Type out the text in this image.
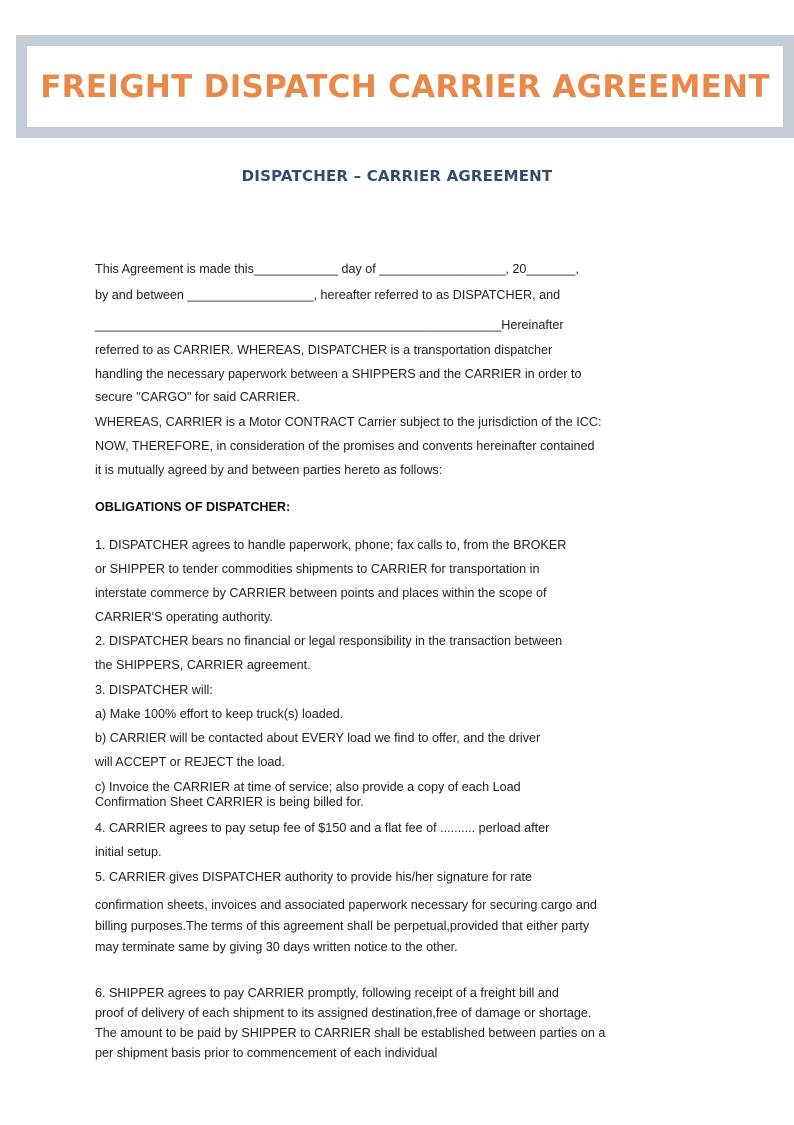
FREIGHT DISPATCH CARRIER AGREEMENT
DISPATCHER – CARRIER AGREEMENT
This Agreement is made this____________ day of __________________, 20_______,
by and between __________________, hereafter referred to as DISPATCHER, and
__________________________________________________________Hereinafter
referred to as CARRIER. WHEREAS, DISPATCHER is a transportation dispatcher
handling the necessary paperwork between a SHIPPERS and the CARRIER in order to
secure "CARGO" for said CARRIER.
WHEREAS, CARRIER is a Motor CONTRACT Carrier subject to the jurisdiction of the ICC:
NOW, THEREFORE, in consideration of the promises and convents hereinafter contained
it is mutually agreed by and between parties hereto as follows:
OBLIGATIONS OF DISPATCHER:
1. DISPATCHER agrees to handle paperwork, phone; fax calls to, from the BROKER
or SHIPPER to tender commodities shipments to CARRIER for transportation in
interstate commerce by CARRIER between points and places within the scope of
CARRIER'S operating authority.
2. DISPATCHER bears no financial or legal responsibility in the transaction between
the SHIPPERS, CARRIER agreement.
3. DISPATCHER will:
a) Make 100% effort to keep truck(s) loaded.
b) CARRIER will be contacted about EVERY load we find to offer, and the driver
will ACCEPT or REJECT the load.
c) Invoice the CARRIER at time of service; also provide a copy of each Load
Confirmation Sheet CARRIER is being billed for.
4. CARRIER agrees to pay setup fee of $150 and a flat fee of .......... perload after
initial setup.
5. CARRIER gives DISPATCHER authority to provide his/her signature for rate
confirmation sheets, invoices and associated paperwork necessary for securing cargo and
billing purposes.The terms of this agreement shall be perpetual,provided that either party
may terminate same by giving 30 days written notice to the other.
6. SHIPPER agrees to pay CARRIER promptly, following receipt of a freight bill and
proof of delivery of each shipment to its assigned destination,free of damage or shortage.
The amount to be paid by SHIPPER to CARRIER shall be established between parties on a
per shipment basis prior to commencement of each individual
